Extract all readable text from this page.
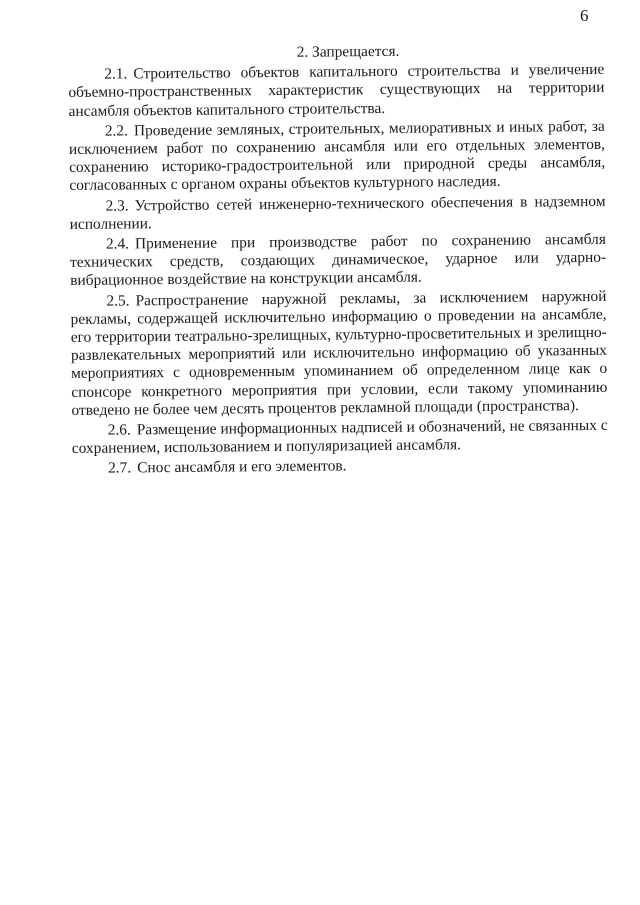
6

2. Запрещается.

2.1. Строительство объектов капитального строительства и увеличение объемно-пространственных характеристик существующих на территории ансамбля объектов капитального строительства.

2.2. Проведение земляных, строительных, мелиоративных и иных работ, за исключением работ по сохранению ансамбля или его отдельных элементов, сохранению историко-градостроительной или природной среды ансамбля, согласованных с органом охраны объектов культурного наследия.

2.3. Устройство сетей инженерно-технического обеспечения в надземном исполнении.

2.4. Применение при производстве работ по сохранению ансамбля технических средств, создающих динамическое, ударное или ударно-вибрационное воздействие на конструкции ансамбля.

2.5. Распространение наружной рекламы, за исключением наружной рекламы, содержащей исключительно информацию о проведении на ансамбле, его территории театрально-зрелищных, культурно-просветительных и зрелищно-развлекательных мероприятий или исключительно информацию об указанных мероприятиях с одновременным упоминанием об определенном лице как о спонсоре конкретного мероприятия при условии, если такому упоминанию отведено не более чем десять процентов рекламной площади (пространства).

2.6. Размещение информационных надписей и обозначений, не связанных с сохранением, использованием и популяризацией ансамбля.

2.7. Снос ансамбля и его элементов.
